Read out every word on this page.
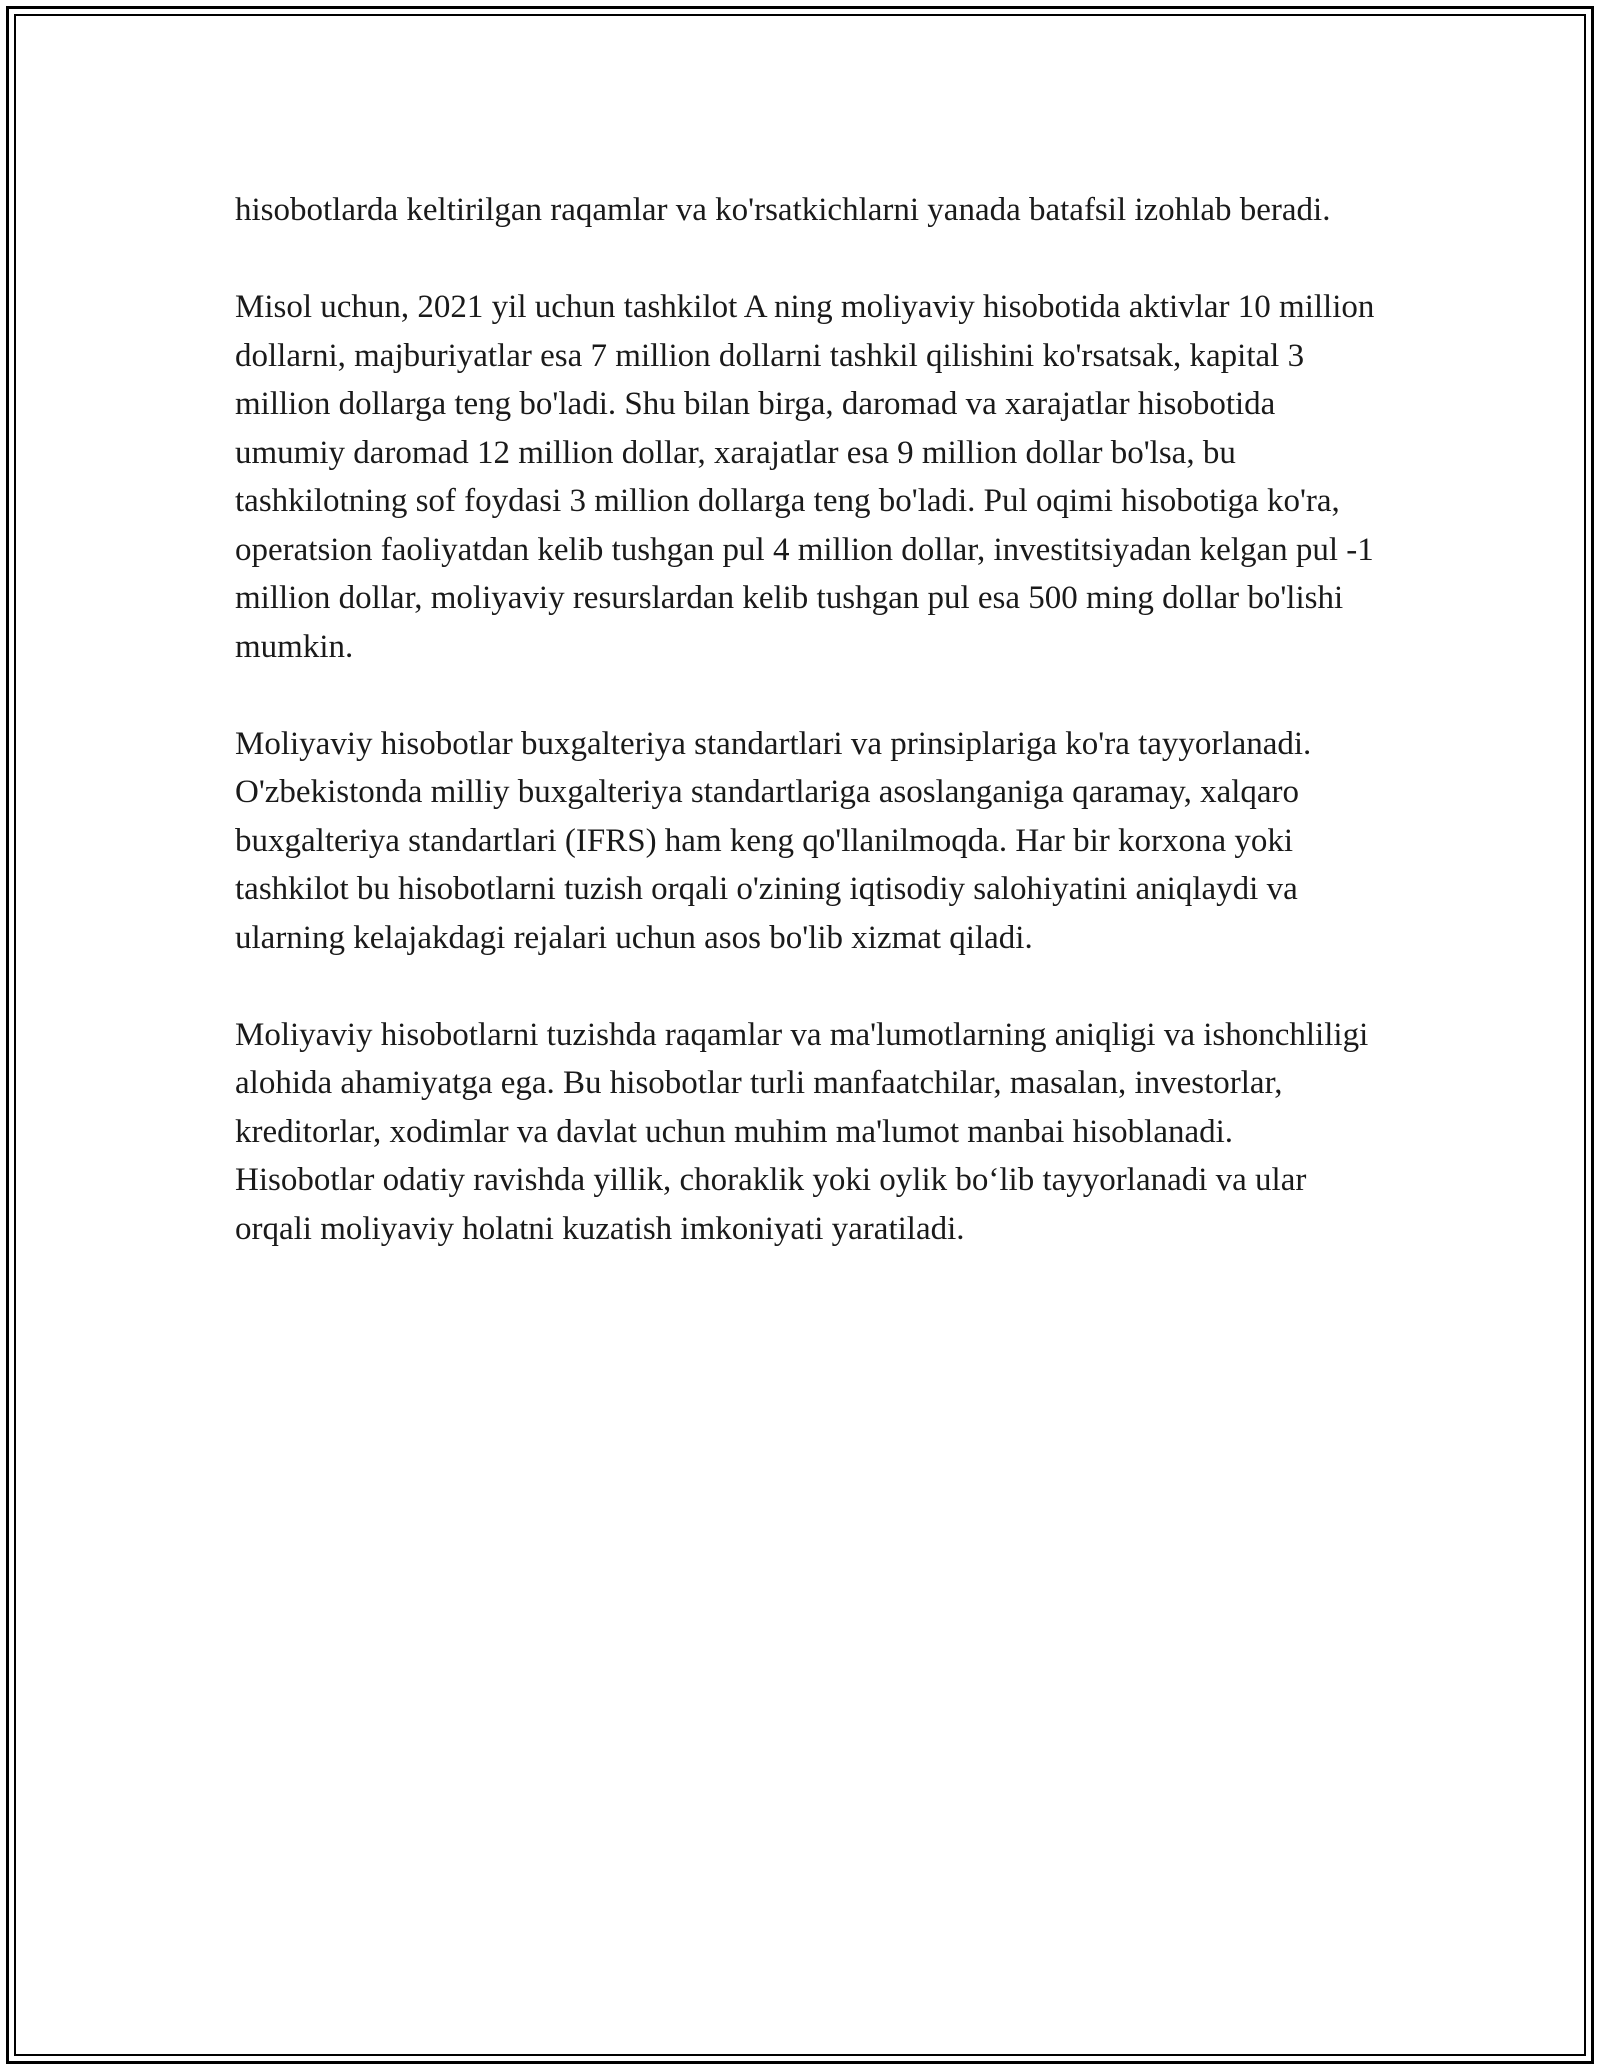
hisobotlarda keltirilgan raqamlar va ko'rsatkichlarni yanada batafsil izohlab beradi.

Misol uchun, 2021 yil uchun tashkilot A ning moliyaviy hisobotida aktivlar 10 million dollarni, majburiyatlar esa 7 million dollarni tashkil qilishini ko'rsatsak, kapital 3 million dollarga teng bo'ladi. Shu bilan birga, daromad va xarajatlar hisobotida umumiy daromad 12 million dollar, xarajatlar esa 9 million dollar bo'lsa, bu tashkilotning sof foydasi 3 million dollarga teng bo'ladi. Pul oqimi hisobotiga ko'ra, operatsion faoliyatdan kelib tushgan pul 4 million dollar, investitsiyadan kelgan pul -1 million dollar, moliyaviy resurslardan kelib tushgan pul esa 500 ming dollar bo'lishi mumkin.

Moliyaviy hisobotlar buxgalteriya standartlari va prinsiplariga ko'ra tayyorlanadi. O'zbekistonda milliy buxgalteriya standartlariga asoslanganiga qaramay, xalqaro buxgalteriya standartlari (IFRS) ham keng qo'llanilmoqda. Har bir korxona yoki tashkilot bu hisobotlarni tuzish orqali o'zining iqtisodiy salohiyatini aniqlaydi va ularning kelajakdagi rejalari uchun asos bo'lib xizmat qiladi.

Moliyaviy hisobotlarni tuzishda raqamlar va ma'lumotlarning aniqligi va ishonchliligi alohida ahamiyatga ega. Bu hisobotlar turli manfaatchilar, masalan, investorlar, kreditorlar, xodimlar va davlat uchun muhim ma'lumot manbai hisoblanadi. Hisobotlar odatiy ravishda yillik, choraklik yoki oylik bo‘lib tayyorlanadi va ular orqali moliyaviy holatni kuzatish imkoniyati yaratiladi.
